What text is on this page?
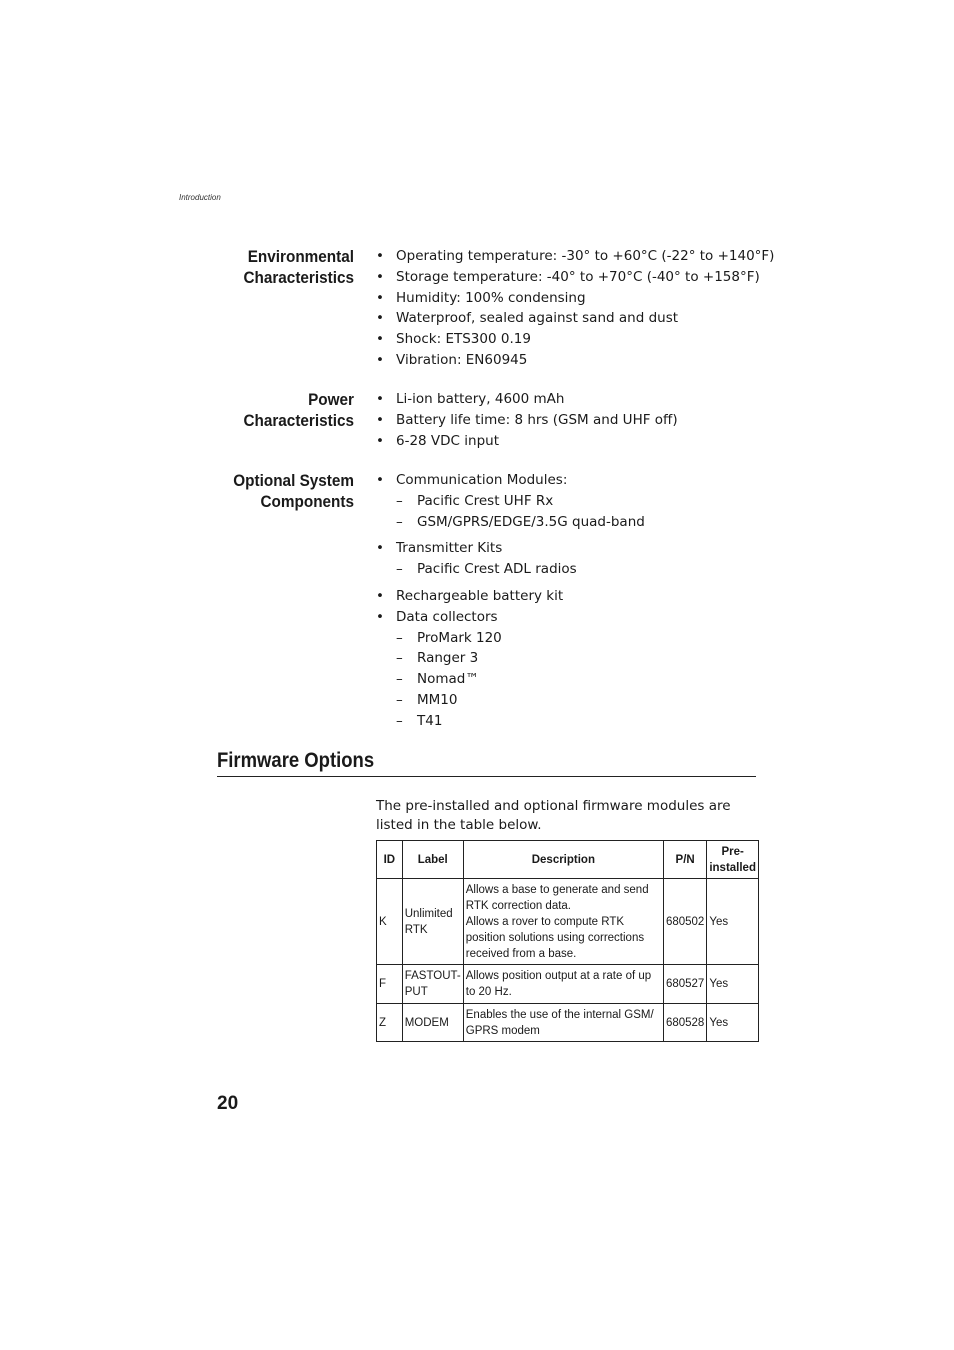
Introduction
Environmental
Characteristics
• Operating temperature: -30° to +60°C (-22° to +140°F)
• Storage temperature: -40° to +70°C (-40° to +158°F)
• Humidity: 100% condensing
• Waterproof, sealed against sand and dust
• Shock: ETS300 0.19
• Vibration: EN60945
Power
Characteristics
• Li-ion battery, 4600 mAh
• Battery life time: 8 hrs (GSM and UHF off)
• 6-28 VDC input
Optional System
Components
• Communication Modules:
– Pacific Crest UHF Rx
– GSM/GPRS/EDGE/3.5G quad-band
• Transmitter Kits
– Pacific Crest ADL radios
• Rechargeable battery kit
• Data collectors
– ProMark 120
– Ranger 3
– Nomad™
– MM10
– T41
Firmware Options
The pre-installed and optional firmware modules are listed in the table below.
ID	Label	Description	P/N	Pre-
installed
K	Unlimited RTK	Allows a base to generate and send RTK correction data.
Allows a rover to compute RTK position solutions using corrections received from a base.	680502	Yes
F	FASTOUT-PUT	Allows position output at a rate of up to 20 Hz.	680527	Yes
Z	MODEM	Enables the use of the internal GSM/ GPRS modem	680528	Yes
20
